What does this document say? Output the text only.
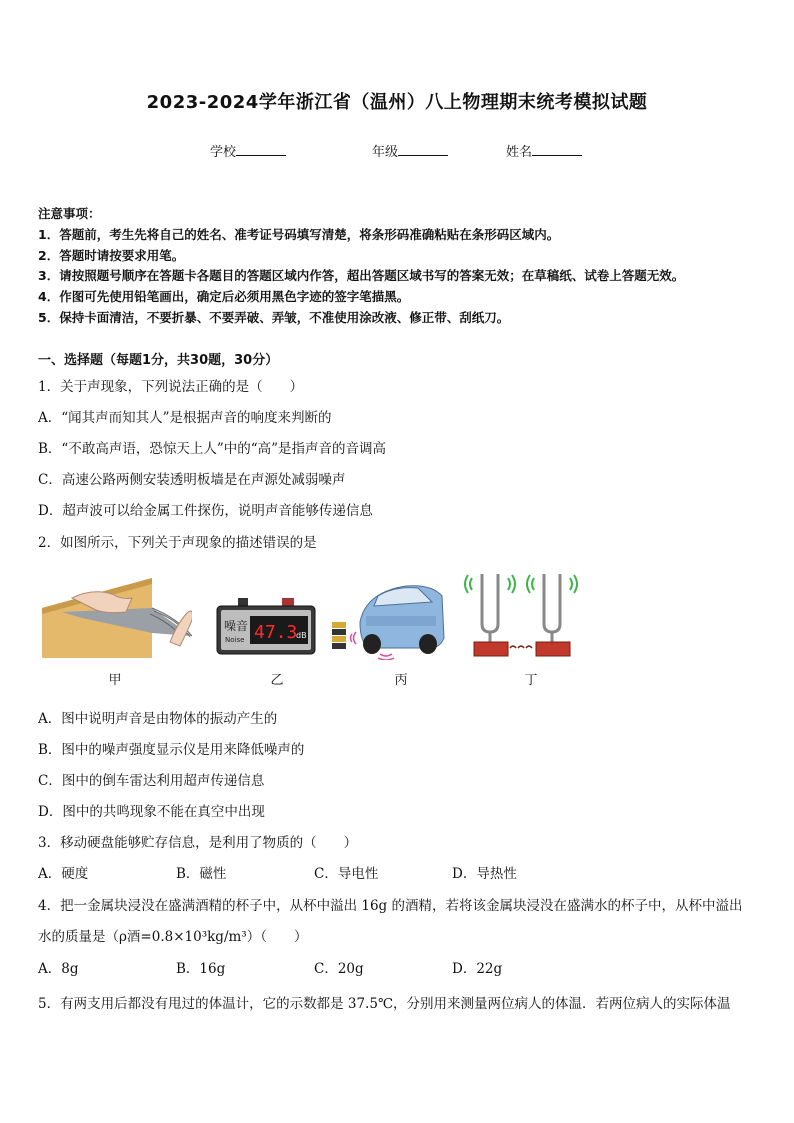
2023-2024学年浙江省（温州）八上物理期末统考模拟试题
学校	年级	姓名
注意事项：
1．答题前，考生先将自己的姓名、准考证号码填写清楚，将条形码准确粘贴在条形码区域内。
2．答题时请按要求用笔。
3．请按照题号顺序在答题卡各题目的答题区域内作答，超出答题区域书写的答案无效；在草稿纸、试卷上答题无效。
4．作图可先使用铅笔画出，确定后必须用黑色字迹的签字笔描黑。
5．保持卡面清洁，不要折暴、不要弄破、弄皱，不准使用涂改液、修正带、刮纸刀。
一、选择题（每题1分，共30题，30分）
1．关于声现象，下列说法正确的是（　　）
A．“闻其声而知其人”是根据声音的响度来判断的
B．“不敢高声语，恐惊天上人”中的“高”是指声音的音调高
C．高速公路两侧安装透明板墙是在声源处减弱噪声
D．超声波可以给金属工件探伤，说明声音能够传递信息
2．如图所示，下列关于声现象的描述错误的是
噪音
Noise 47.3
dB
甲	乙	丙	丁
A．图中说明声音是由物体的振动产生的
B．图中的噪声强度显示仪是用来降低噪声的
C．图中的倒车雷达利用超声传递信息
D．图中的共鸣现象不能在真空中出现
3．移动硬盘能够贮存信息，是利用了物质的（　　）
A．硬度	B．磁性	C．导电性	D．导热性
4．把一金属块浸没在盛满酒精的杯子中，从杯中溢出 16g 的酒精，若将该金属块浸没在盛满水的杯子中，从杯中溢出
水的质量是（ρ酒=0.8×10³kg/m³）（　　）
A．8g	B．16g	C．20g	D．22g
5．有两支用后都没有甩过的体温计，它的示数都是 37.5℃，分别用来测量两位病人的体温．若两位病人的实际体温
